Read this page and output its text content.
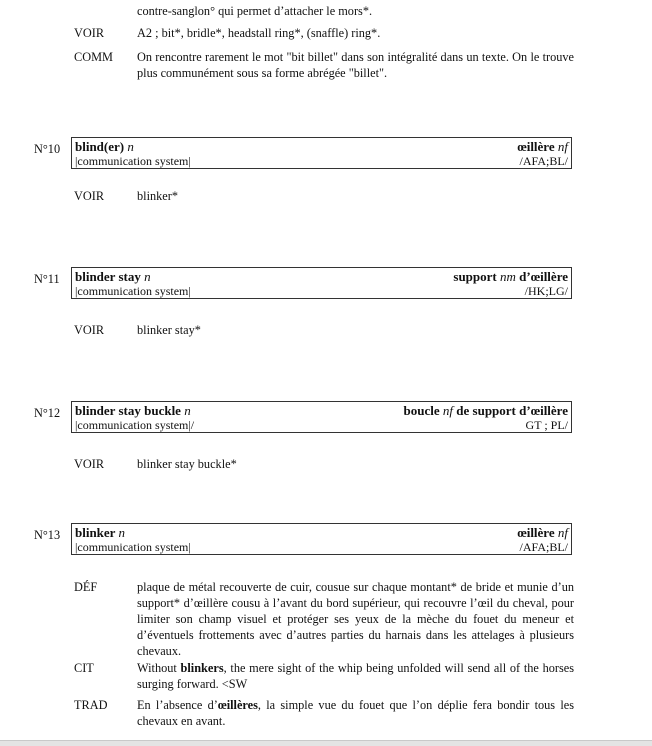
contre-sanglon° qui permet d’attacher le mors*.
VOIR	A2 ; bit*, bridle*, headstall ring*, (snaffle) ring*.
COMM	On rencontre rarement le mot "bit billet" dans son intégralité dans un texte. On le trouve plus communément sous sa forme abrégée "billet".
N°10 blind(er) n	œillère nf
|communication system|	/AFA;BL/
VOIR	blinker*
N°11 blinder stay n	support nm d’œillère
|communication system|	/HK;LG/
VOIR	blinker stay*
N°12 blinder stay buckle n	boucle nf de support d’œillère
|communication system|/	GT ; PL/
VOIR	blinker stay buckle*
N°13 blinker n	œillère nf
|communication system|	/AFA;BL/
DÉF	plaque de métal recouverte de cuir, cousue sur chaque montant* de bride et munie d’un support* d’œillère cousu à l’avant du bord supérieur, qui recouvre l’œil du cheval, pour limiter son champ visuel et protéger ses yeux de la mèche du fouet du meneur et d’éventuels frottements avec d’autres parties du harnais dans les attelages à plusieurs chevaux.
CIT	Without blinkers, the mere sight of the whip being unfolded will send all of the horses surging forward. <SW
TRAD	En l’absence d’œillères, la simple vue du fouet que l’on déplie fera bondir tous les chevaux en avant.
